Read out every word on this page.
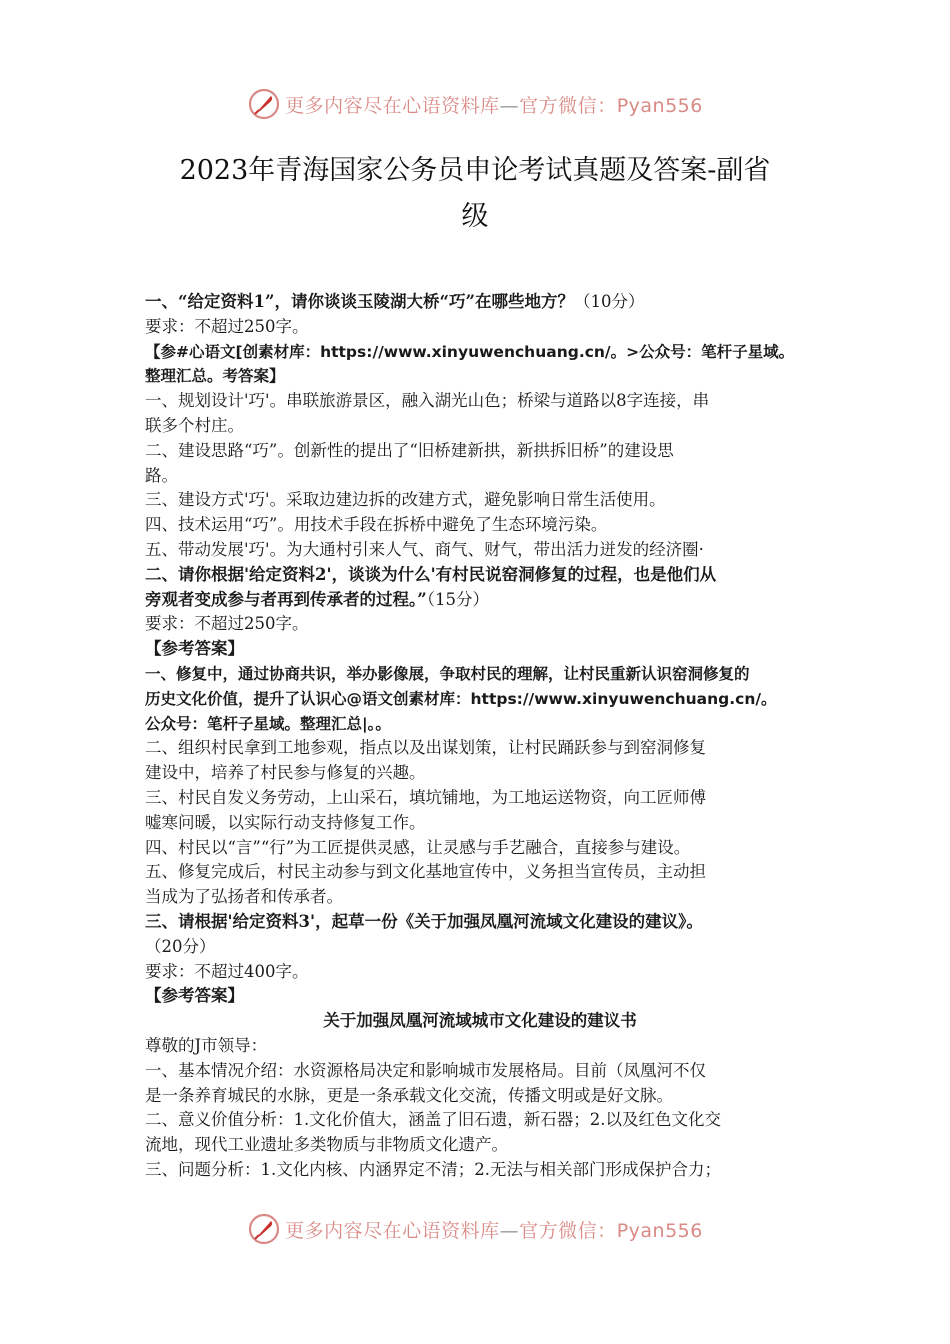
更多内容尽在心语资料库—官方微信：Pyan556
2023年青海国家公务员申论考试真题及答案-副省
级

一、“给定资料1”，请你谈谈玉陵湖大桥“巧”在哪些地方？（10分）

要求：不超过250字。

【参#心语文[创素材库：https://www.xinyuwenchuang.cn/。>公众号：笔杆子星域。

整理汇总。考答案】

一、规划设计'巧'。串联旅游景区，融入湖光山色；桥梁与道路以8字连接，串

联多个村庄。

二、建设思路“巧”。创新性的提出了“旧桥建新拱，新拱拆旧桥”的建设思

路。

三、建设方式'巧'。采取边建边拆的改建方式，避免影响日常生活使用。

四、技术运用“巧”。用技术手段在拆桥中避免了生态环境污染。

五、带动发展'巧'。为大通村引来人气、商气、财气，带出活力迸发的经济圈·

二、请你根据'给定资料2'，谈谈为什么'有村民说窑洞修复的过程，也是他们从

旁观者变成参与者再到传承者的过程。”（15分）

要求：不超过250字。

【参考答案】

一、修复中，通过协商共识，举办影像展，争取村民的理解，让村民重新认识窑洞修复的

历史文化价值，提升了认识心@语文创素材库：https://www.xinyuwenchuang.cn/。

公众号：笔杆子星域。整理汇总|。。

二、组织村民拿到工地参观，指点以及出谋划策，让村民踊跃参与到窑洞修复

建设中，培养了村民参与修复的兴趣。

三、村民自发义务劳动，上山采石，填坑铺地，为工地运送物资，向工匠师傅

嘘寒问暖，以实际行动支持修复工作。

四、村民以“言”“行”为工匠提供灵感，让灵感与手艺融合，直接参与建设。

五、修复完成后，村民主动参与到文化基地宣传中，义务担当宣传员，主动担

当成为了弘扬者和传承者。

三、请根据'给定资料3'，起草一份《关于加强凤凰河流域文化建设的建议》。

（20分）

要求：不超过400字。

【参考答案】

关于加强凤凰河流域城市文化建设的建议书

尊敬的J市领导：

一、基本情况介绍：水资源格局决定和影响城市发展格局。目前（凤凰河不仅

是一条养育城民的水脉，更是一条承载文化交流，传播文明或是好文脉。

二、意义价值分析：1.文化价值大，涵盖了旧石遗，新石器；2.以及红色文化交

流地，现代工业遗址多类物质与非物质文化遗产。

三、问题分析：1.文化内核、内涵界定不清；2.无法与相关部门形成保护合力；

更多内容尽在心语资料库—官方微信：Pyan556
